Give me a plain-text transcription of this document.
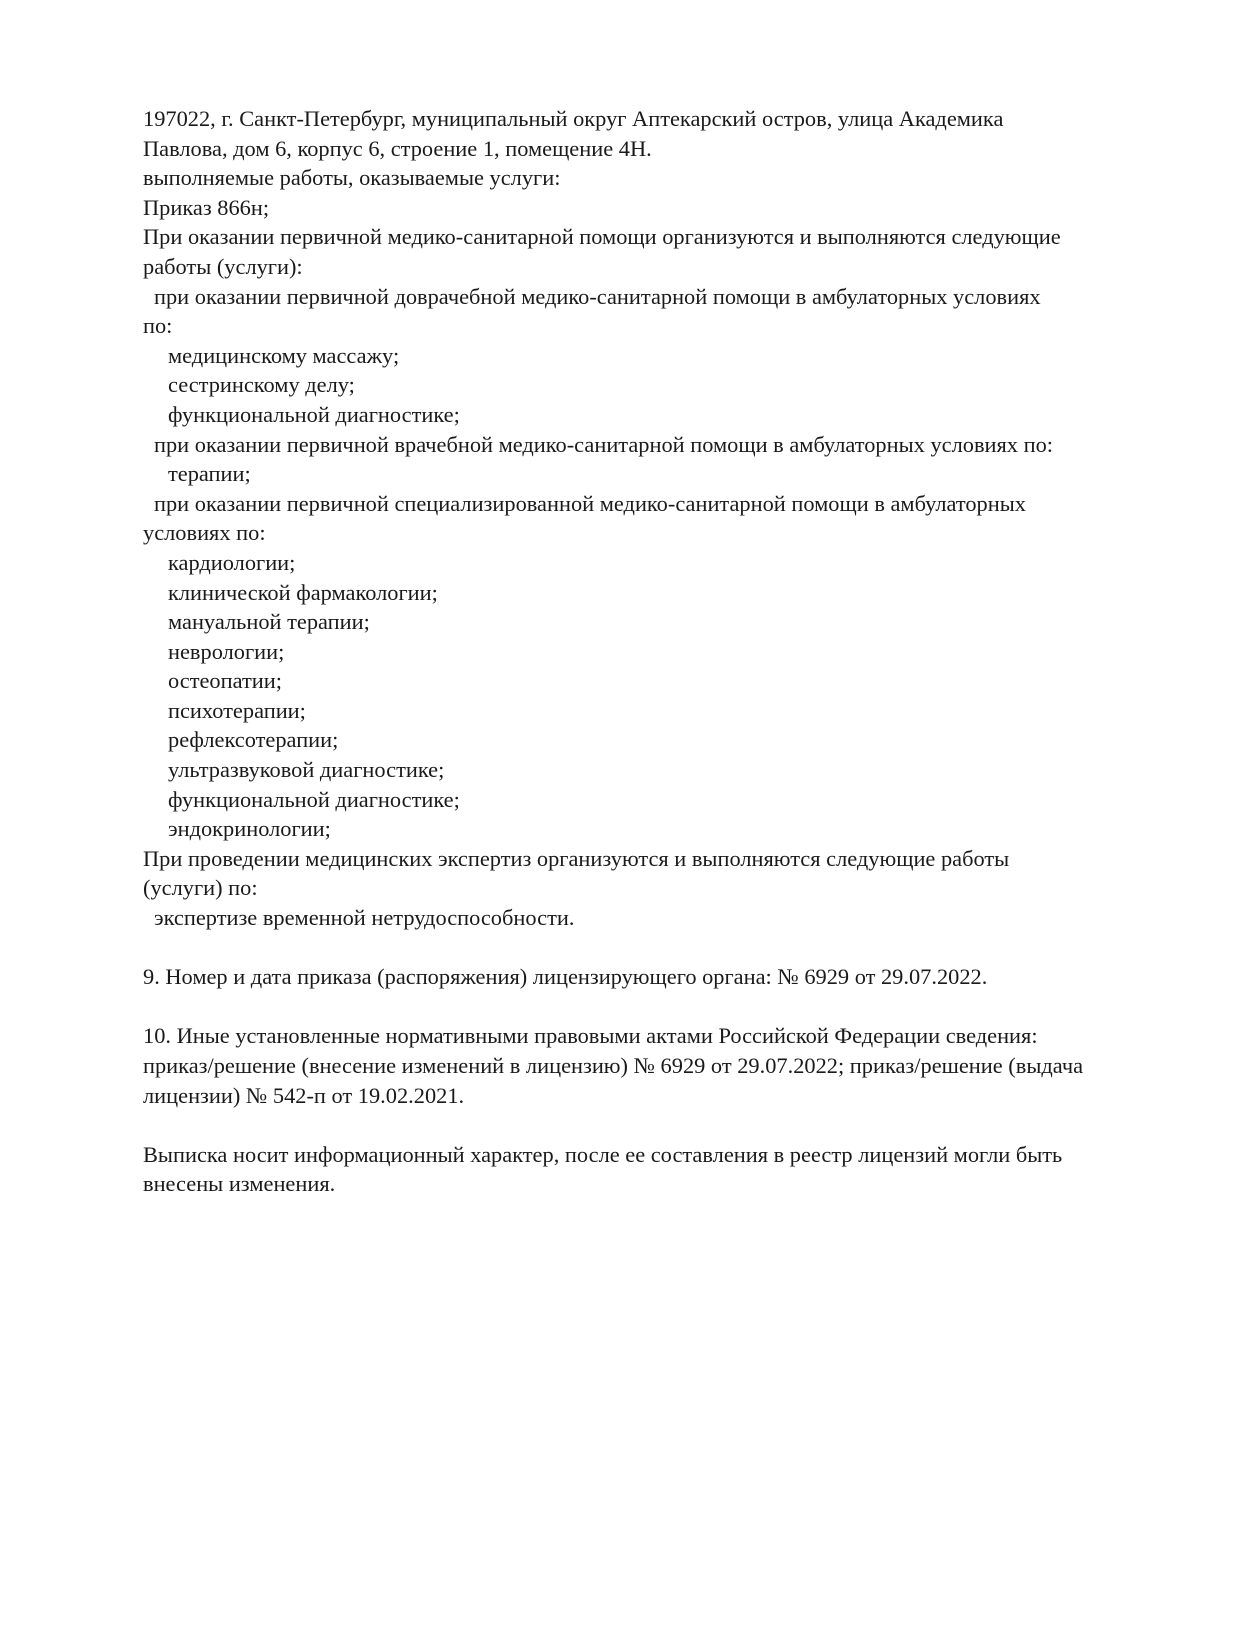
197022, г. Санкт-Петербург, муниципальный округ Аптекарский остров, улица Академика
Павлова, дом 6, корпус 6, строение 1, помещение 4Н.
выполняемые работы, оказываемые услуги:
Приказ 866н;
При оказании первичной медико-санитарной помощи организуются и выполняются следующие
работы (услуги):
при оказании первичной доврачебной медико-санитарной помощи в амбулаторных условиях
по:
медицинскому массажу;
сестринскому делу;
функциональной диагностике;
при оказании первичной врачебной медико-санитарной помощи в амбулаторных условиях по:
терапии;
при оказании первичной специализированной медико-санитарной помощи в амбулаторных
условиях по:
кардиологии;
клинической фармакологии;
мануальной терапии;
неврологии;
остеопатии;
психотерапии;
рефлексотерапии;
ультразвуковой диагностике;
функциональной диагностике;
эндокринологии;
При проведении медицинских экспертиз организуются и выполняются следующие работы
(услуги) по:
экспертизе временной нетрудоспособности.
9. Номер и дата приказа (распоряжения) лицензирующего органа: № 6929 от 29.07.2022.
10. Иные установленные нормативными правовыми актами Российской Федерации сведения:
приказ/решение (внесение изменений в лицензию) № 6929 от 29.07.2022; приказ/решение (выдача
лицензии) № 542-п от 19.02.2021.
Выписка носит информационный характер, после ее составления в реестр лицензий могли быть
внесены изменения.
